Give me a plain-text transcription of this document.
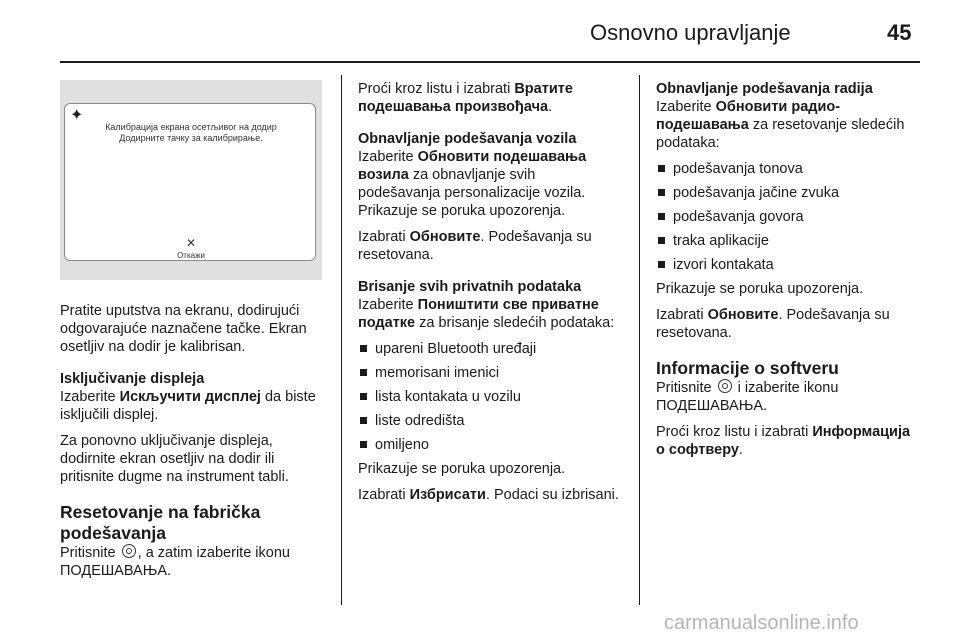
Osnovno upravljanje	45
✦
Калибрација екрана осетљивог на додир
Додирните тачку за калибрирање.
✕
Откажи

Pratite uputstva na ekranu, dodirujući odgovarajuće naznačene tačke. Ekran osetljiv na dodir je kalibrisan.

Isključivanje displeja

Izaberite Искључити дисплеј da biste isključili displej.

Za ponovno uključivanje displeja, dodirnite ekran osetljiv na dodir ili pritisnite dugme na instrument tabli.

Resetovanje na fabrička podešavanja

Pritisnite , a zatim izaberite ikonu ПОДЕШАВАЊА.

Proći kroz listu i izabrati Вратите подешавања произвођача.

Obnavljanje podešavanja vozila

Izaberite Обновити подешавања возила za obnavljanje svih podešavanja personalizacije vozila. Prikazuje se poruka upozorenja.

Izabrati Обновите. Podešavanja su resetovana.

Brisanje svih privatnih podataka

Izaberite Поништити све приватне податке za brisanje sledećih podataka:

upareni Bluetooth uređaji
memorisani imenici
lista kontakata u vozilu
liste odredišta
omiljeno

Prikazuje se poruka upozorenja.

Izabrati Избрисати. Podaci su izbrisani.

Obnavljanje podešavanja radija

Izaberite Обновити радио-подешавања za resetovanje sledećih podataka:

podešavanja tonova
podešavanja jačine zvuka
podešavanja govora
traka aplikacije
izvori kontakata

Prikazuje se poruka upozorenja.

Izabrati Обновите. Podešavanja su resetovana.

Informacije o softveru

Pritisnite  i izaberite ikonu ПОДЕШАВАЊА.

Proći kroz listu i izabrati Информација о софтверу.

carmanualsonline.info
